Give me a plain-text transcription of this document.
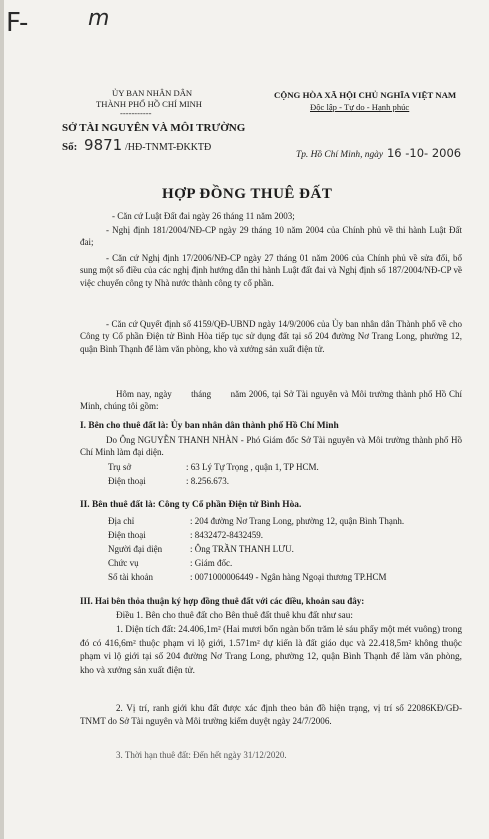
F-	m
ỦY BAN NHÂN DÂN
THÀNH PHỐ HỒ CHÍ MINH
-----------
SỞ TÀI NGUYÊN VÀ MÔI TRƯỜNG
Số: 9871 /HĐ-TNMT-ĐKKTĐ
CỘNG HÒA XÃ HỘI CHỦ NGHĨA VIỆT NAM
Độc lập - Tự do - Hạnh phúc
Tp. Hồ Chí Minh, ngày 16 -10- 2006
HỢP ĐỒNG THUÊ ĐẤT
- Căn cứ Luật Đất đai ngày 26 tháng 11 năm 2003;
- Nghị định 181/2004/NĐ-CP ngày 29 tháng 10 năm 2004 của Chính phủ về thi hành Luật Đất đai;
- Căn cứ Nghị định 17/2006/NĐ-CP ngày 27 tháng 01 năm 2006 của Chính phủ về sửa đổi, bổ sung một số điều của các nghị định hướng dẫn thi hành Luật đất đai và Nghị định số 187/2004/NĐ-CP về việc chuyển công ty Nhà nước thành công ty cổ phần.
- Căn cứ Quyết định số 4159/QĐ-UBND ngày 14/9/2006 của Ủy ban nhân dân Thành phố về cho Công ty Cổ phần Điện tử Bình Hòa tiếp tục sử dụng đất tại số 204 đường Nơ Trang Long, phường 12, quận Bình Thạnh để làm văn phòng, kho và xưởng sản xuất điện tử.
Hôm nay, ngày       tháng       năm 2006, tại Sở Tài nguyên và Môi trường thành phố Hồ Chí Minh, chúng tôi gồm:
I. Bên cho thuê đất là: Ủy ban nhân dân thành phố Hồ Chí Minh
Do Ông NGUYỄN THANH NHÀN - Phó Giám đốc Sở Tài nguyên và Môi trường thành phố Hồ Chí Minh làm đại diện.
Trụ sở	: 63 Lý Tự Trọng , quận 1, TP HCM.
Điện thoại	: 8.256.673.
II. Bên thuê đất là: Công ty Cổ phần Điện tử Bình Hòa.
Địa chỉ	: 204 đường Nơ Trang Long, phường 12, quận Bình Thạnh.
Điện thoại	: 8432472-8432459.
Người đại diện	: Ông TRẦN THANH LƯU.
Chức vụ	: Giám đốc.
Số tài khoản	: 0071000006449 - Ngân hàng Ngoại thương TP.HCM
III. Hai bên thỏa thuận ký hợp đồng thuê đất với các điều, khoản sau đây:
Điều 1. Bên cho thuê đất cho Bên thuê đất thuê khu đất như sau:
1. Diện tích đất: 24.406,1m² (Hai mươi bốn ngàn bốn trăm lẻ sáu phẩy một mét vuông) trong đó có 416,6m² thuộc phạm vi lộ giới, 1.571m² dự kiến là đất giáo dục và 22.418,5m² không thuộc phạm vi lộ giới tại số 204 đường Nơ Trang Long, phường 12, quận Bình Thạnh để làm văn phòng, kho và xưởng sản xuất điện tử.
2. Vị trí, ranh giới khu đất được xác định theo bản đồ hiện trạng, vị trí số 22086KĐ/GĐ-TNMT do Sở Tài nguyên và Môi trường kiểm duyệt ngày 24/7/2006.
3. Thời hạn thuê đất: Đến hết ngày 31/12/2020.
